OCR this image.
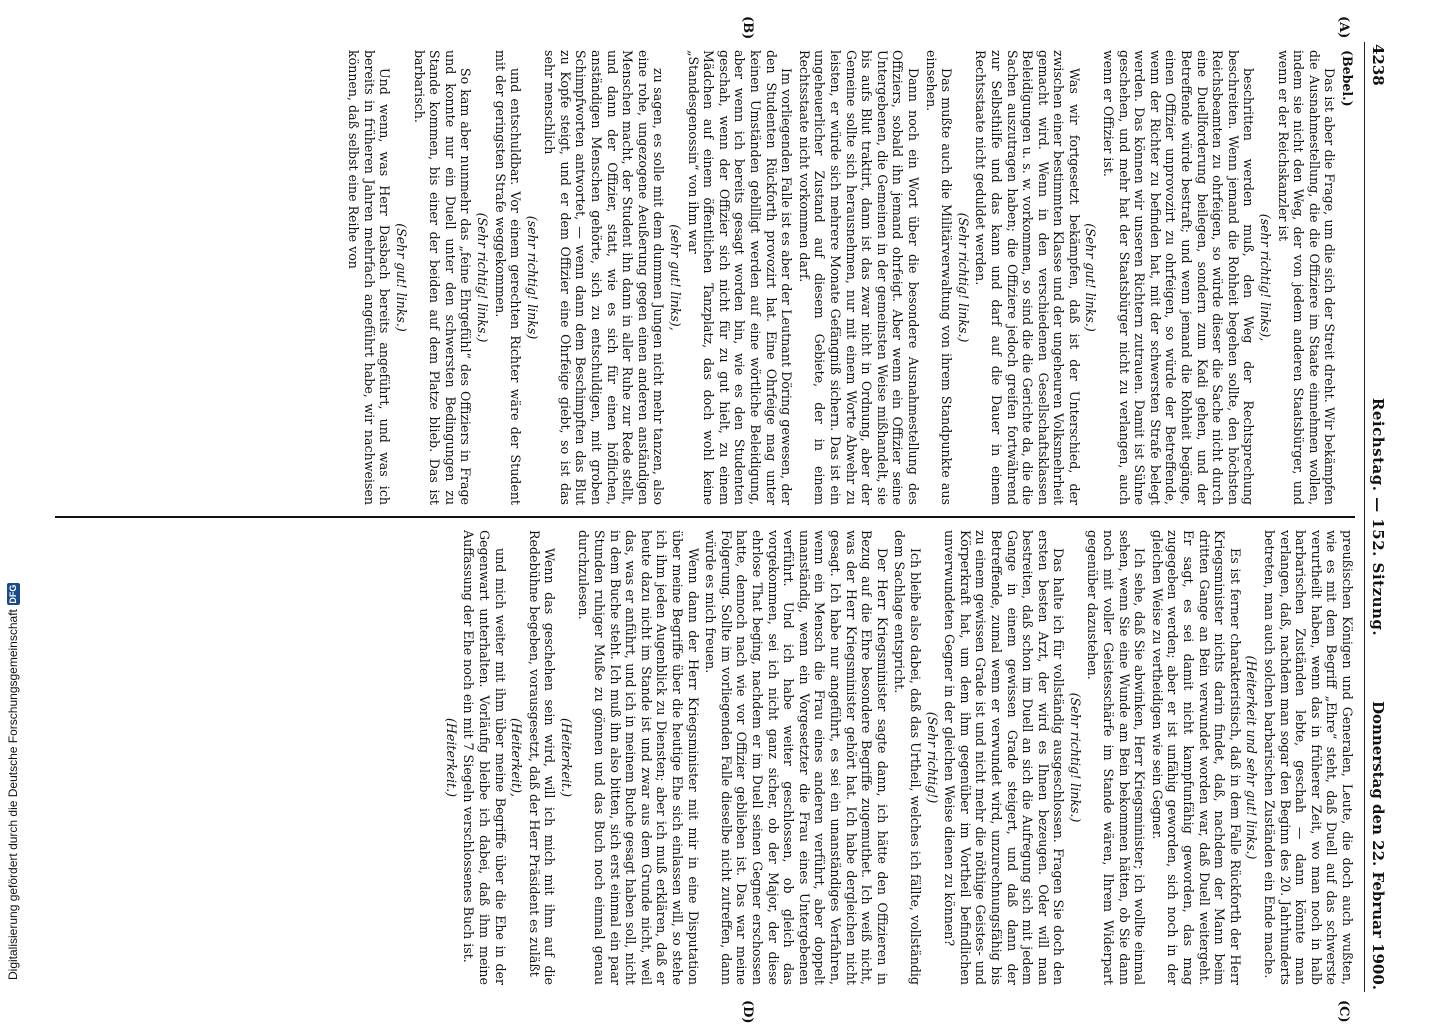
4238
Reichstag. — 152. Sitzung.
Donnerstag den 22. Februar 1900.
(A)
(B)
(C)
(D)

(Bebel.)

Das ist aber die Frage, um die sich der Streit dreht. Wir bekämpfen die Ausnahmestellung, die die Offiziere im Staate einnehmen wollen, indem sie nicht den Weg, der von jedem anderen Staatsbürger, und wenn er der Reichskanzler ist

(sehr richtig! links),

beschritten werden muß, den Weg der Rechtsprechung beschreiten. Wenn jemand die Rohheit begehen sollte, den höchsten Reichsbeamten zu ohrfeigen, so würde dieser die Sache nicht durch eine Duellforderung beilegen, sondern zum Kadi gehen, und der Betreffende würde bestraft; und wenn jemand die Rohheit begänge, einen Offizier unprovozirt zu ohrfeigen, so würde der Betreffende, wenn der Richter zu befinden hat, mit der schwersten Strafe belegt werden. Das können wir unseren Richtern zutrauen. Damit ist Sühne geschehen, und mehr hat der Staatsbürger nicht zu verlangen, auch wenn er Offizier ist.

(Sehr gut! links.)

Was wir fortgesetzt bekämpfen, daß ist der Unterschied, der zwischen einer bestimmten Klasse und der ungeheuren Volksmehrheit gemacht wird. Wenn in den verschiedenen Gesellschaftsklassen Beleidigungen u. s. w. vorkommen, so sind die die Gerichte da, die die Sachen auszutragen haben; die Offiziere jedoch greifen fortwährend zur Selbsthilfe und das kann und darf auf die Dauer in einem Rechtsstaate nicht geduldet werden.

(Sehr richtig! links.)

Das mußte auch die Militärverwaltung von ihrem Standpunkte aus einsehen.

Dann noch ein Wort über die besondere Ausnahmestellung des Offiziers, sobald ihn jemand ohrfeigt. Aber wenn ein Offizier seine Untergebenen, die Gemeinen in der gemeinsten Weise mißhandelt, sie bis aufs Blut traktirt, dann ist das zwar nicht in Ordnung, aber der Gemeine sollte sich herausnehmen, nur mit einem Worte Abwehr zu leisten, er würde sich mehrere Monate Gefängniß sichern. Das ist ein ungeheuerlicher Zustand auf diesem Gebiete, der in einem Rechtsstaate nicht vorkommen darf.

Im vorliegenden Falle ist es aber der Leutnant Döring gewesen, der den Studenten Rückforth provozirt hat. Eine Ohrfeige mag unter keinen Umständen gebilligt werden auf eine wörtliche Beleidigung, aber wenn ich bereits gesagt worden bin, wie es den Studenten geschah, wenn der Offizier sich nicht für zu gut hielt, zu einem Mädchen auf einem öffentlichen Tanzplatz, das doch wohl keine „Standesgenossin“ von ihm war

(sehr gut! links),

zu sagen, es solle mit dem dummen Jungen nicht mehr tanzen, also eine rohe, ungezogene Aeußerung gegen einen anderen anständigen Menschen macht, der Student ihn dann in aller Ruhe zur Rede stellt, und dann der Offizier, statt, wie es sich für einen höflichen, anständigen Menschen gehörte, sich zu entschuldigen, mit groben Schimpfworten antwortet, — wenn dann dem Beschimpften das Blut zu Kopfe steigt, und er dem Offizier eine Ohrfeige giebt, so ist das sehr menschlich

(sehr richtig! links)

und entschuldbar. Vor einem gerechten Richter wäre der Student mit der geringsten Strafe weggekommen.

(Sehr richtig! links.)

So kam aber nunmehr das „feine Ehrgefühl“ des Offiziers in Frage und konnte nur ein Duell unter den schwersten Bedingungen zu Stande kommen, bis einer der beiden auf dem Platze blieb. Das ist barbarisch.

(Sehr gut! links.)

Und wenn, was Herr Dasbach bereits angeführt, und was ich bereits in früheren Jahren mehrfach angeführt habe, wir nachweisen können, daß selbst eine Reihe von

preußischen Königen und Generalen, Leute, die doch auch wußten, wie es mit dem Begriff „Ehre“ steht, daß Duell auf das schwerste verurtheilt haben, wenn das in früherer Zeit, wo man noch in halb barbarischen Zuständen lebte, geschah — dann könnte man verlangen, daß, nachdem man sogar den Beginn des 20. Jahrhunderts betreten, man auch solchen barbarischen Zuständen ein Ende mache.

(Heiterkeit und sehr gut! links.)

Es ist ferner charakteristisch, daß in dem Falle Rückforth der Herr Kriegsminister nichts darin findet, daß, nachdem der Mann beim dritten Gange an Bein verwundet worden war, daß Duell weitergeht. Er sagt, es sei damit nicht kampfunfähig geworden, das mag zugegeben werden; aber er ist unfähig geworden, sich noch in der gleichen Weise zu vertheidigen wie sein Gegner.

Ich sehe, daß Sie abwinken, Herr Kriegsminister; ich wollte einmal sehen, wenn Sie eine Wunde am Bein bekommen hätten, ob Sie dann noch mit voller Geistesschärfe im Stande wären, Ihrem Widerpart gegenüber dazustehen.

(Sehr richtig! links.)

Das halte ich für vollständig ausgeschlossen. Fragen Sie doch den ersten besten Arzt, der wird es Ihnen bezeugen. Oder will man bestreiten, daß schon im Duell an sich die Aufregung sich mit jedem Gange in einem gewissen Grade steigert, und daß dann der Betreffende, zumal wenn er verwundet wird, unzurechnungsfähig bis zu einem gewissen Grade ist und nicht mehr die nöthige Geistes- und Körperkraft hat, um dem ihm gegenüber im Vortheil befindlichen unverwundeten Gegner in der gleichen Weise dienen zu können?

(Sehr richtig!)

Ich bleibe also dabei, daß das Urtheil, welches ich fällte, vollständig dem Sachlage entspricht.

Der Herr Kriegsminister sagte dann, ich hätte den Offizieren in Bezug auf die Ehre besondere Begriffe zugemuthet. Ich weiß nicht, was der Herr Kriegsminister gehört hat. Ich habe dergleichen nicht gesagt. Ich habe nur angeführt, es sei ein unanständiges Verfahren, wenn ein Mensch die Frau eines anderen verführt, aber doppelt unanständig, wenn ein Vorgesetzter die Frau eines Untergebenen verführt. Und ich habe weiter geschlossen, ob gleich das vorgekommen, sei ich nicht ganz sicher, ob der Major, der diese ehrlose That beging, nachdem er im Duell seinen Gegner erschossen hatte, dennoch nach wie vor Offizier geblieben ist. Das war meine Folgerung. Sollte im vorliegenden Falle dieselbe nicht zutreffen, dann würde es mich freuen.

Wenn dann der Herr Kriegsminister mit mir in eine Disputation über meine Begriffe über die heutige Ehe sich einlassen will, so stehe ich ihm jeden Augenblick zu Diensten; aber ich muß erklären, daß er heute dazu nicht im Stande ist und zwar aus dem Grunde nicht, weil das, was er anführt, und ich in meinem Buche gesagt haben soll, nicht in dem Buche steht. Ich muß ihn also bitten, sich erst einmal ein paar Stunden ruhiger Muße zu gönnen und das Buch noch einmal genau durchzulesen.

(Heiterkeit.)

Wenn das geschehen sein wird, will ich mich mit ihm auf die Redebühne begeben, vorausgesetzt, daß der Herr Präsident es zuläßt

(Heiterkeit),

und mich weiter mit ihm über meine Begriffe über die Ehe in der Gegenwart unterhalten. Vorläufig bleibe ich dabei, daß ihm meine Auffassung der Ehe noch ein mit 7 Siegeln verschlossenes Buch ist.

(Heiterkeit.)

Digitalisierung gefördert durch die Deutsche Forschungsgemeinschaft
DFG
